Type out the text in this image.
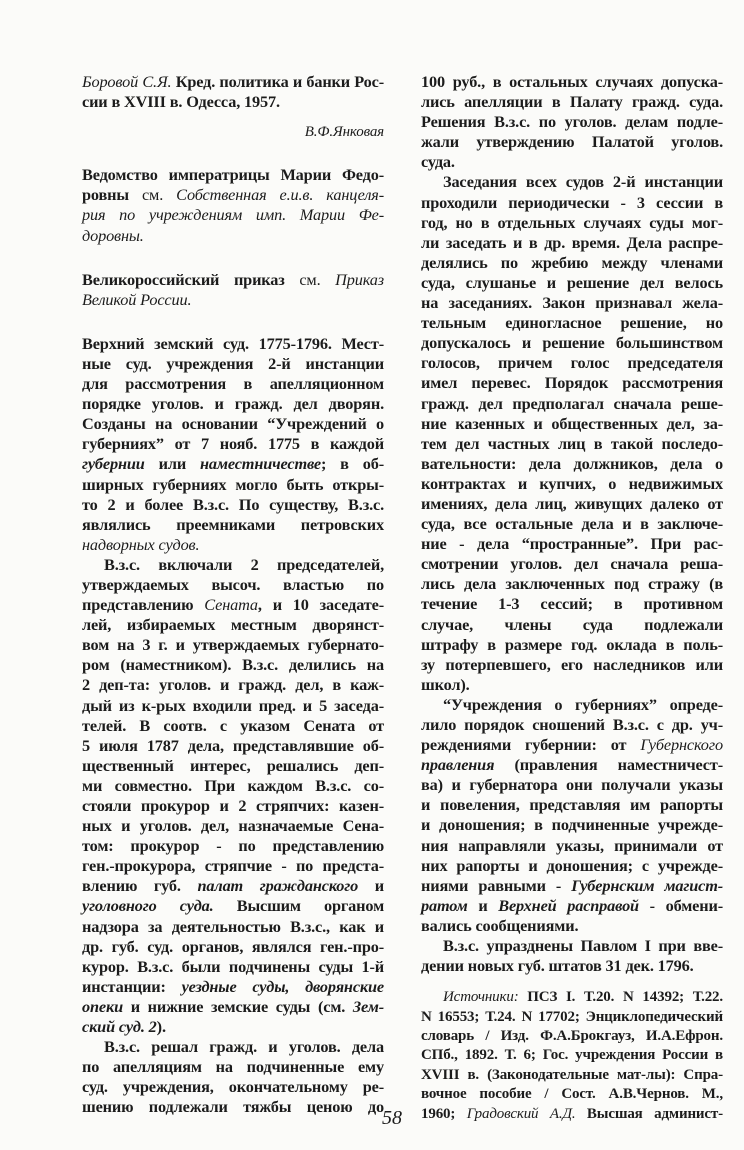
Боровой С.Я. Кред. политика и банки Рос-
сии в XVIII в. Одесса, 1957.
В.Ф.Янковая
Ведомство императрицы Марии Федо-
ровны см. Собственная е.и.в. канцеля-
рия по учреждениям имп. Марии Фе-
доровны.
Великороссийский приказ см. Приказ
Великой России.
Верхний земский суд. 1775-1796. Мест-
ные суд. учреждения 2-й инстанции
для рассмотрения в апелляционном
порядке уголов. и гражд. дел дворян.
Созданы на основании “Учреждений о
губерниях” от 7 нояб. 1775 в каждой
губернии или наместничестве; в об-
ширных губерниях могло быть откры-
то 2 и более В.з.с. По существу, В.з.с.
являлись преемниками петровских
надворных судов.
В.з.с. включали 2 председателей,
утверждаемых высоч. властью по
представлению Сената, и 10 заседате-
лей, избираемых местным дворянст-
вом на 3 г. и утверждаемых губернато-
ром (наместником). В.з.с. делились на
2 деп-та: уголов. и гражд. дел, в каж-
дый из к-рых входили пред. и 5 заседа-
телей. В соотв. с указом Сената от
5 июля 1787 дела, представлявшие об-
щественный интерес, решались деп-
ми совместно. При каждом В.з.с. со-
стояли прокурор и 2 стряпчих: казен-
ных и уголов. дел, назначаемые Сена-
том: прокурор - по представлению
ген.-прокурора, стряпчие - по предста-
влению губ. палат гражданского и
уголовного суда. Высшим органом
надзора за деятельностью В.з.с., как и
др. губ. суд. органов, являлся ген.-про-
курор. В.з.с. были подчинены суды 1-й
инстанции: уездные суды, дворянские
опеки и нижние земские суды (см. Зем-
ский суд. 2).
В.з.с. решал гражд. и уголов. дела
по апелляциям на подчиненные ему
суд. учреждения, окончательному ре-
шению подлежали тяжбы ценою до
100 руб., в остальных случаях допуска-
лись апелляции в Палату гражд. суда.
Решения В.з.с. по уголов. делам подле-
жали утверждению Палатой уголов.
суда.
Заседания всех судов 2-й инстанции
проходили периодически - 3 сессии в
год, но в отдельных случаях суды мог-
ли заседать и в др. время. Дела распре-
делялись по жребию между членами
суда, слушанье и решение дел велось
на заседаниях. Закон признавал жела-
тельным единогласное решение, но
допускалось и решение большинством
голосов, причем голос председателя
имел перевес. Порядок рассмотрения
гражд. дел предполагал сначала реше-
ние казенных и общественных дел, за-
тем дел частных лиц в такой последо-
вательности: дела должников, дела о
контрактах и купчих, о недвижимых
имениях, дела лиц, живущих далеко от
суда, все остальные дела и в заключе-
ние - дела “пространные”. При рас-
смотрении уголов. дел сначала реша-
лись дела заключенных под стражу (в
течение 1-3 сессий; в противном
случае, члены суда подлежали
штрафу в размере год. оклада в поль-
зу потерпевшего, его наследников или
школ).
“Учреждения о губерниях” опреде-
лило порядок сношений В.з.с. с др. уч-
реждениями губернии: от Губернского
правления (правления наместничест-
ва) и губернатора они получали указы
и повеления, представляя им рапорты
и доношения; в подчиненные учрежде-
ния направляли указы, принимали от
них рапорты и доношения; с учрежде-
ниями равными - Губернским магист-
ратом и Верхней расправой - обмени-
вались сообщениями.
В.з.с. упразднены Павлом I при вве-
дении новых губ. штатов 31 дек. 1796.
Источники: ПСЗ I. Т.20. N 14392; Т.22.
N 16553; Т.24. N 17702; Энциклопедический
словарь / Изд. Ф.А.Брокгауз, И.А.Ефрон.
СПб., 1892. Т. 6; Гос. учреждения России в
XVIII в. (Законодательные мат-лы): Спра-
вочное пособие / Сост. А.В.Чернов. М.,
1960; Градовский А.Д. Высшая админист-
58
